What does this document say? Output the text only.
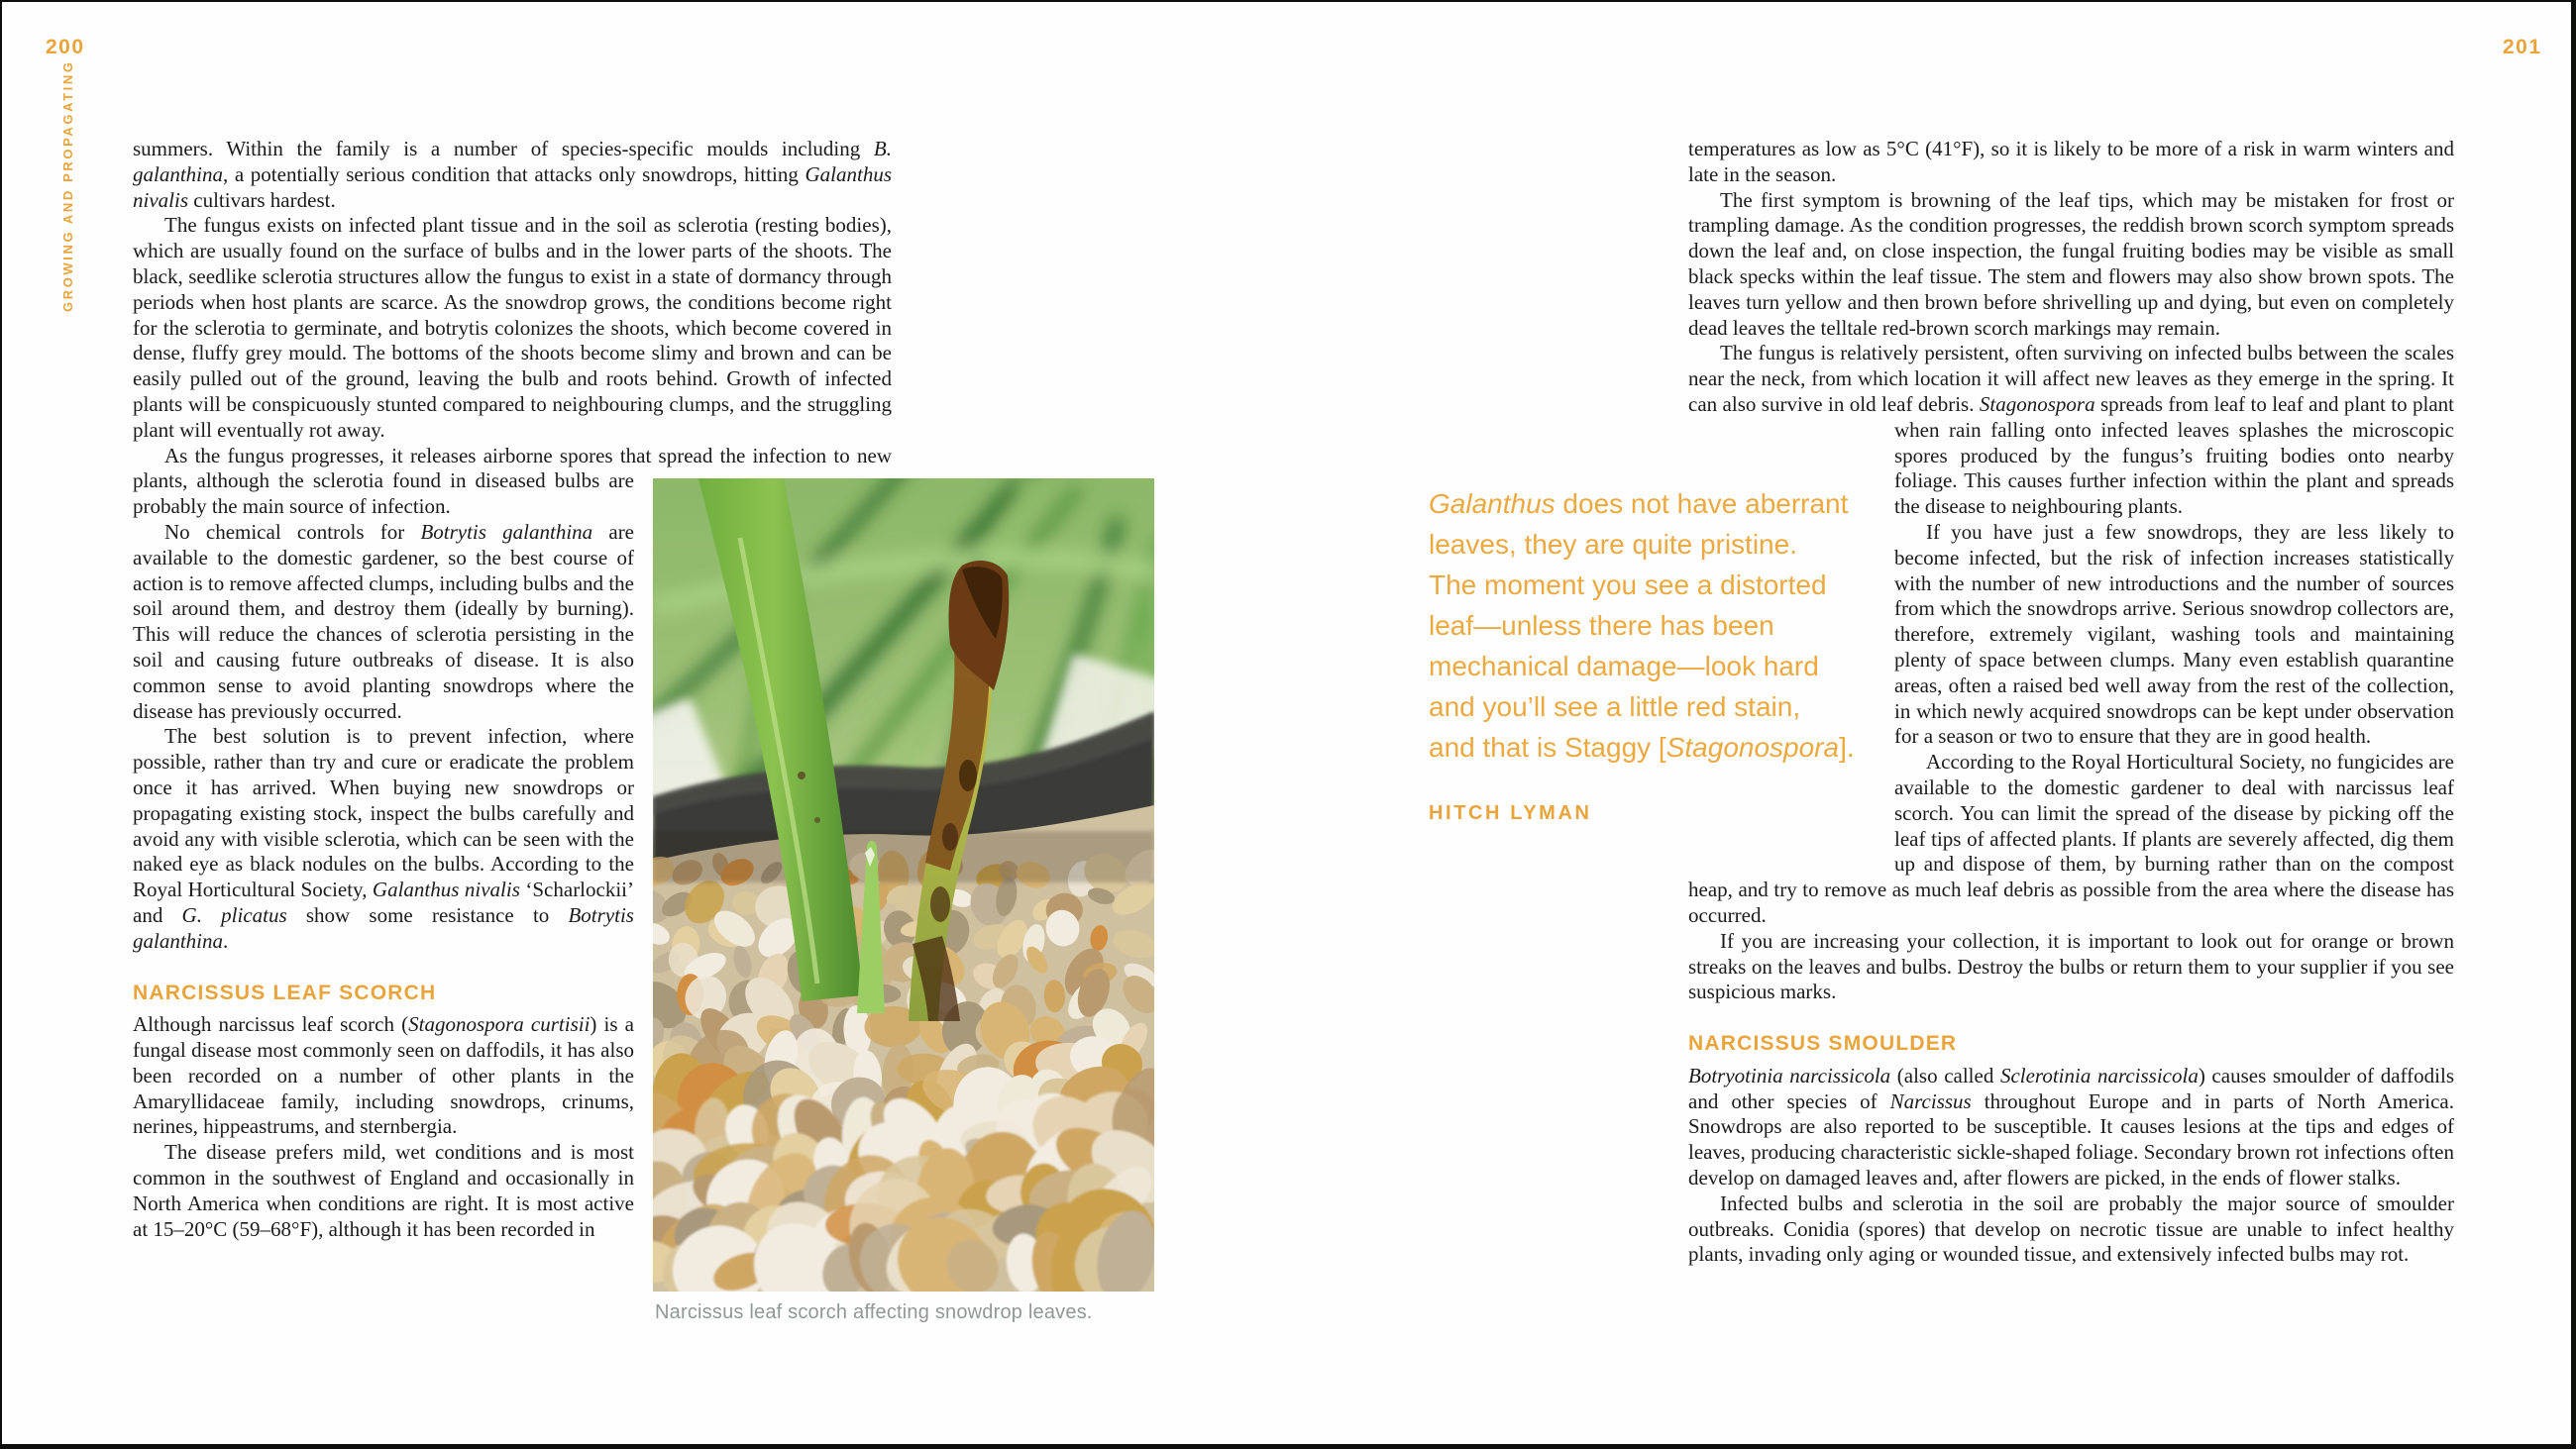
200	201
GROWING AND PROPAGATING	summers. Within the family is a number of species-specific moulds including B. galanthina, a potentially serious condition that attacks only snowdrops, hitting Galanthus nivalis cultivars hardest.

The fungus exists on infected plant tissue and in the soil as sclerotia (resting bodies), which are usually found on the surface of bulbs and in the lower parts of the shoots. The black, seedlike sclerotia structures allow the fungus to exist in a state of dormancy through periods when host plants are scarce. As the snowdrop grows, the conditions become right for the sclerotia to germinate, and botrytis colonizes the shoots, which become covered in dense, fluffy grey mould. The bottoms of the shoots become slimy and brown and can be easily pulled out of the ground, leaving the bulb and roots behind. Growth of infected plants will be conspicuously stunted compared to neighbouring clumps, and the struggling plant will eventually rot away.

As the fungus progresses, it releases airborne spores that spread the infection to new plants, although the sclerotia found in diseased bulbs are probably the main source of infection.

No chemical controls for Botrytis galanthina are available to the domestic gardener, so the best course of action is to remove affected clumps, including bulbs and the soil around them, and destroy them (ideally by burning). This will reduce the chances of sclerotia persisting in the soil and causing future outbreaks of disease. It is also common sense to avoid planting snowdrops where the disease has previously occurred.

The best solution is to prevent infection, where possible, rather than try and cure or eradicate the problem once it has arrived. When buying new snowdrops or propagating existing stock, inspect the bulbs carefully and avoid any with visible sclerotia, which can be seen with the naked eye as black nodules on the bulbs. According to the Royal Horticultural Society, Galanthus nivalis ‘Scharlockii’ and G. plicatus show some resistance to Botrytis galanthina.

NARCISSUS LEAF SCORCH

Although narcissus leaf scorch (Stagonospora curtisii) is a fungal disease most commonly seen on daffodils, it has also been recorded on a number of other plants in the Amaryllidaceae family, including snowdrops, crinums, nerines, hippeastrums, and sternbergia.

The disease prefers mild, wet conditions and is most common in the southwest of England and occasionally in North America when conditions are right. It is most active at 15–20°C (59–68°F), although it has been recorded in

Narcissus leaf scorch affecting snowdrop leaves.
Galanthus does not have aberrant
leaves, they are quite pristine.
The moment you see a distorted
leaf—unless there has been
mechanical damage—look hard
and you’ll see a little red stain,
and that is Staggy [Stagonospora].
HITCH LYMAN

temperatures as low as 5°C (41°F), so it is likely to be more of a risk in warm winters and late in the season.

The first symptom is browning of the leaf tips, which may be mistaken for frost or trampling damage. As the condition progresses, the reddish brown scorch symptom spreads down the leaf and, on close inspection, the fungal fruiting bodies may be visible as small black specks within the leaf tissue. The stem and flowers may also show brown spots. The leaves turn yellow and then brown before shrivelling up and dying, but even on completely dead leaves the telltale red-brown scorch markings may remain.

The fungus is relatively persistent, often surviving on infected bulbs between the scales near the neck, from which location it will affect new leaves as they emerge in the spring. It can also survive in old leaf debris. Stagonospora spreads from leaf to leaf and plant to plant when rain falling onto infected leaves splashes the microscopic spores produced by the fungus’s fruiting bodies onto nearby foliage. This causes further infection within the plant and spreads the disease to neighbouring plants.

If you have just a few snowdrops, they are less likely to become infected, but the risk of infection increases statistically with the number of new introductions and the number of sources from which the snowdrops arrive. Serious snowdrop collectors are, therefore, extremely vigilant, washing tools and maintaining plenty of space between clumps. Many even establish quarantine areas, often a raised bed well away from the rest of the collection, in which newly acquired snowdrops can be kept under observation for a season or two to ensure that they are in good health.

According to the Royal Horticultural Society, no fungicides are available to the domestic gardener to deal with narcissus leaf scorch. You can limit the spread of the disease by picking off the leaf tips of affected plants. If plants are severely affected, dig them up and dispose of them, by burning rather than on the compost heap, and try to remove as much leaf debris as possible from the area where the disease has occurred.

If you are increasing your collection, it is important to look out for orange or brown streaks on the leaves and bulbs. Destroy the bulbs or return them to your supplier if you see suspicious marks.

NARCISSUS SMOULDER

Botryotinia narcissicola (also called Sclerotinia narcissicola) causes smoulder of daffodils and other species of Narcissus throughout Europe and in parts of North America. Snowdrops are also reported to be susceptible. It causes lesions at the tips and edges of leaves, producing characteristic sickle-shaped foliage. Secondary brown rot infections often develop on damaged leaves and, after flowers are picked, in the ends of flower stalks.

Infected bulbs and sclerotia in the soil are probably the major source of smoulder outbreaks. Conidia (spores) that develop on necrotic tissue are unable to infect healthy plants, invading only aging or wounded tissue, and extensively infected bulbs may rot.
